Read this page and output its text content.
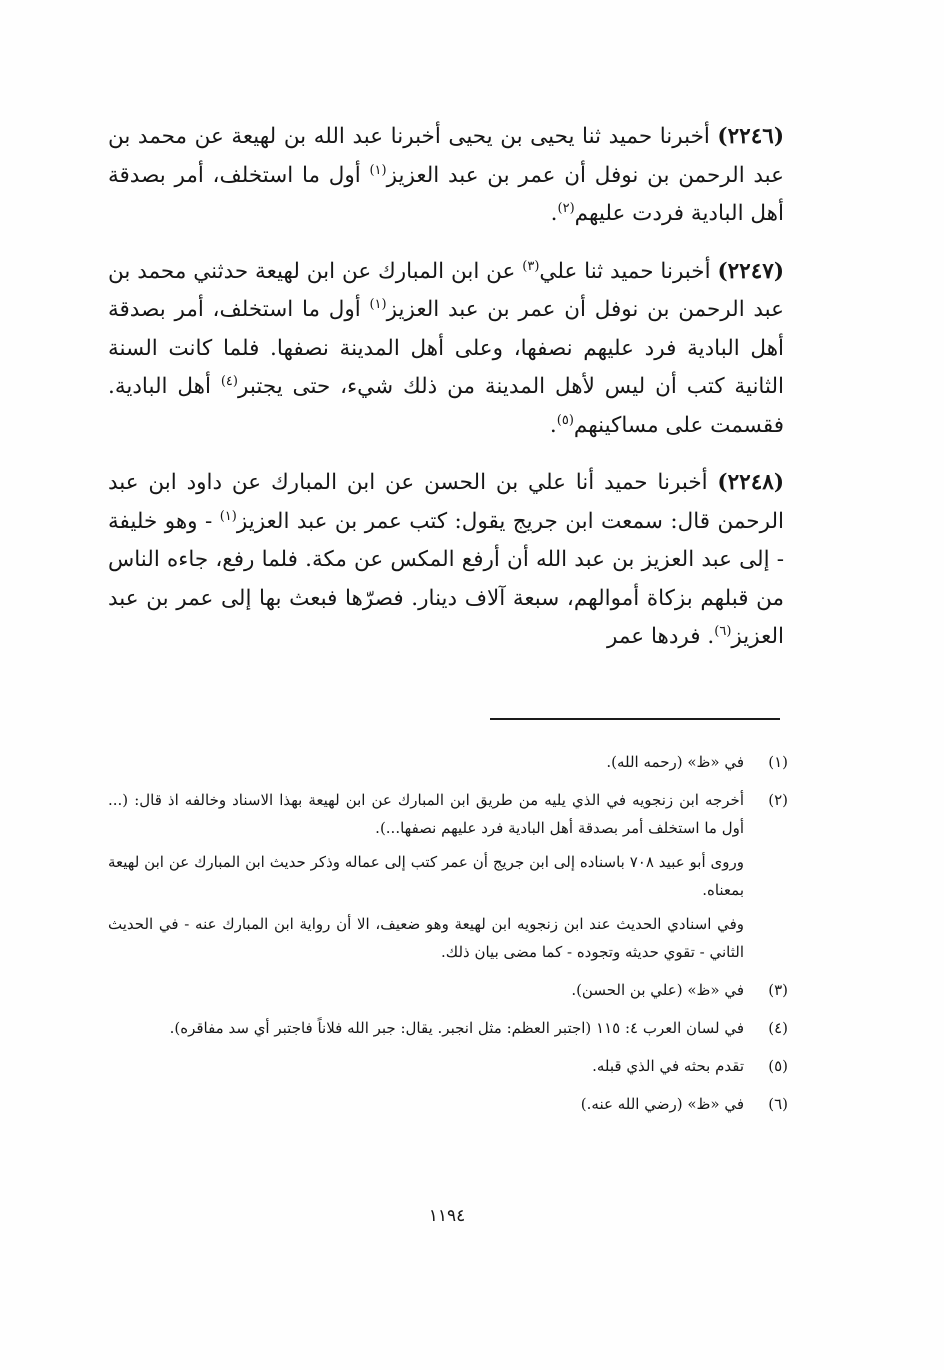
(٢٢٤٦) أخبرنا حميد ثنا يحيى بن يحيى أخبرنا عبد الله بن لهيعة عن محمد بن عبد الرحمن بن نوفل أن عمر بن عبد العزيز$^{(١)}$ أول ما استخلف، أمر بصدقة أهل البادية فردت عليهم$^{(٢)}$.

(٢٢٤٧) أخبرنا حميد ثنا علي$^{(٣)}$ عن ابن المبارك عن ابن لهيعة حدثني محمد بن عبد الرحمن بن نوفل أن عمر بن عبد العزيز$^{(١)}$ أول ما استخلف، أمر بصدقة أهل البادية فرد عليهم نصفها، وعلى أهل المدينة نصفها. فلما كانت السنة الثانية كتب أن ليس لأهل المدينة من ذلك شيء، حتى يجتبر$^{(٤)}$ أهل البادية. فقسمت على مساكينهم$^{(٥)}$.

(٢٢٤٨) أخبرنا حميد أنا علي بن الحسن عن ابن المبارك عن داود ابن عبد الرحمن قال: سمعت ابن جريج يقول: كتب عمر بن عبد العزيز$^{(١)}$ - وهو خليفة - إلى عبد العزيز بن عبد الله أن أرفع المكس عن مكة. فلما رفع، جاءه الناس من قبلهم بزكاة أموالهم، سبعة آلاف دينار. فصرّها فبعث بها إلى عمر بن عبد العزيز$^{(٦)}$. فردها عمر

(١)

في «ظ» (رحمه الله).

(٢)

أخرجه ابن زنجويه في الذي يليه من طريق ابن المبارك عن ابن لهيعة بهذا الاسناد وخالفه اذ قال: (... أول ما استخلف أمر بصدقة أهل البادية فرد عليهم نصفها...).

وروى أبو عبيد ٧٠٨ باسناده إلى ابن جريج أن عمر كتب إلى عماله وذكر حديث ابن المبارك عن ابن لهيعة بمعناه.

وفي اسنادي الحديث عند ابن زنجويه ابن لهيعة وهو ضعيف، الا أن رواية ابن المبارك عنه - في الحديث الثاني - تقوي حديثه وتجوده - كما مضى بيان ذلك.

(٣)

في «ظ» (علي بن الحسن).

(٤)

في لسان العرب ٤: ١١٥ (اجتبر العظم: مثل انجبر. يقال: جبر الله فلاناً فاجتبر أي سد مفاقره).

(٥)

تقدم بحثه في الذي قبله.

(٦)

في «ظ» (رضي الله عنه.)

١١٩٤
